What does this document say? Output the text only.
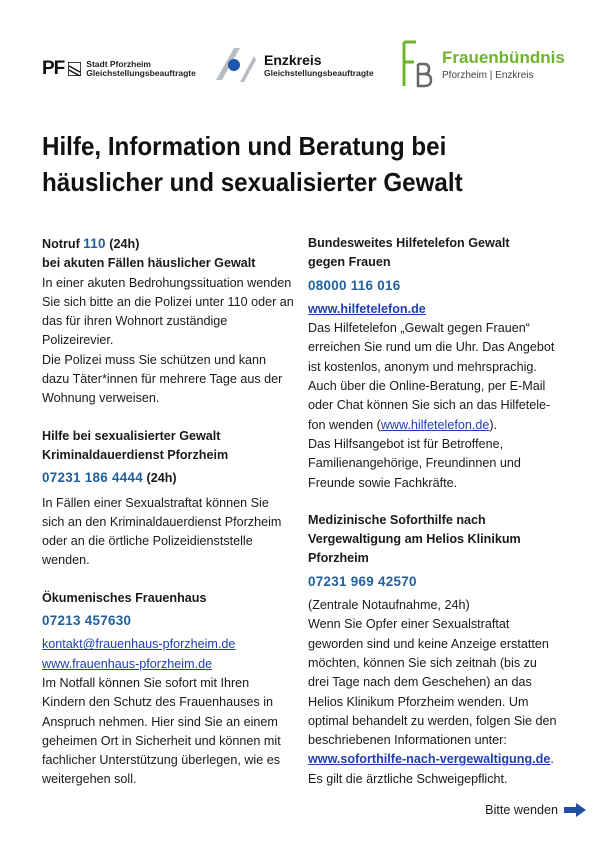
PF	Stadt Pforzheim
Gleichstellungsbeauftragte
Enzkreis
Gleichstellungsbeauftragte
Frauenbündnis
Pforzheim | Enzkreis
Hilfe, Information und Beratung bei
häuslicher und sexualisierter Gewalt
Notruf 110 (24h)
bei akuten Fällen häuslicher Gewalt

In einer akuten Bedrohungssituation wenden Sie sich bitte an die Polizei unter 110 oder an das für ihren Wohnort zuständige Polizeirevier.

Die Polizei muss Sie schützen und kann dazu Täter*innen für mehrere Tage aus der Wohnung verweisen.

Hilfe bei sexualisierter Gewalt
Kriminaldauerdienst Pforzheim
07231 186 4444 (24h)

In Fällen einer Sexualstraftat können Sie sich an den Kriminaldauerdienst Pforzheim oder an die örtliche Polizeidienststelle wenden.

Ökumenisches Frauenhaus
07213 457630
kontakt@frauenhaus-pforzheim.de
www.frauenhaus-pforzheim.de

Im Notfall können Sie sofort mit Ihren Kindern den Schutz des Frauenhauses in Anspruch nehmen. Hier sind Sie an einem geheimen Ort in Sicherheit und können mit fachlicher Unterstützung überlegen, wie es weitergehen soll.

Bundesweites Hilfetelefon Gewalt
gegen Frauen
08000 116 016
www.hilfetelefon.de

Das Hilfetelefon „Gewalt gegen Frauen“ erreichen Sie rund um die Uhr. Das Angebot ist kostenlos, anonym und mehrsprachig. Auch über die Online-Beratung, per E-Mail oder Chat können Sie sich an das Hilfetele-fon wenden (www.hilfetelefon.de).

Das Hilfsangebot ist für Betroffene, Familienangehörige, Freundinnen und Freunde sowie Fachkräfte.

Medizinische Soforthilfe nach
Vergewaltigung am Helios Klinikum
Pforzheim
07231 969 42570

(Zentrale Notaufnahme, 24h)

Wenn Sie Opfer einer Sexualstraftat geworden sind und keine Anzeige erstatten möchten, können Sie sich zeitnah (bis zu drei Tage nach dem Geschehen) an das Helios Klinikum Pforzheim wenden. Um optimal behandelt zu werden, folgen Sie den beschriebenen Informationen unter:

www.soforthilfe-nach-vergewaltigung.de.

Es gilt die ärztliche Schweigepflicht.

Bitte wenden
